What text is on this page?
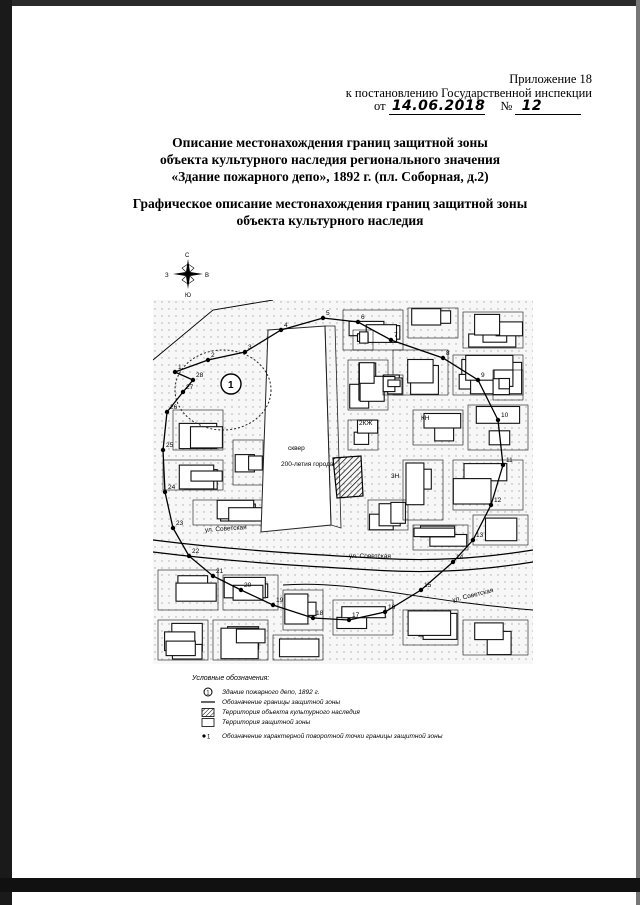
Приложение 18
к постановлению Государственной инспекции
от 14.06.2018 № 12
Описание местонахождения границ защитной зоны
объекта культурного наследия регионального значения
«Здание пожарного депо», 1892 г. (пл. Соборная, д.2)
Графическое описание местонахождения границ защитной зоны
объекта культурного наследия
С
Ю
З	В
1
2
3
4
5
6
7
8
9
10
11
12
13
14
15
16
17
18
19
20
21
22
23
24
25
26
27
28
1
сквер
200-летия города
ул. Советская
ул. Советская
ул. Советская
2КЖ
3Н
КН
Условные обозначения:
1 Здание пожарного депо, 1892 г.
Обозначение границы защитной зоны
Территория объекта культурного наследия
Территория защитной зоны
1 Обозначение характерной поворотной точки границы защитной зоны
